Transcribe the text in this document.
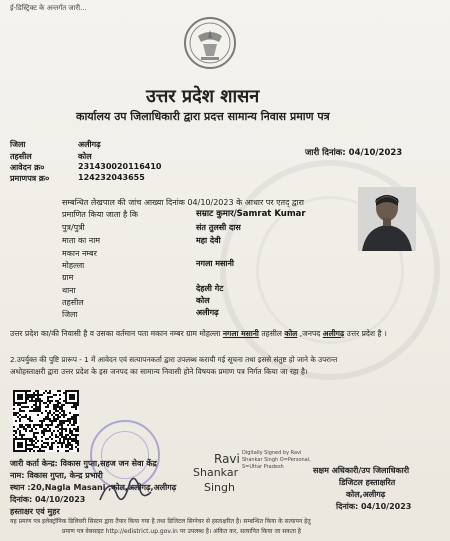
ई-डिस्ट्रिक्ट के अन्तर्गत जारी...
उत्तर प्रदेश शासन
कार्यालय उप जिलाधिकारी द्वारा प्रदत्त सामान्य निवास प्रमाण पत्र
जिला	अलीगढ़
तहसील	कोल
आवेदन क्र०	231430020116410
प्रमाणपत्र क्र०	124232043655
जारी दिनांक: 04/10/2023
सम्बन्धित लेखपाल की जांच आख्या दिनांक 04/10/2023 के आधार पर एतद् द्वारा
प्रमाणित किया जाता है कि	सम्राट कुमार/Samrat Kumar
पुत्र/पुत्री	संत तुलसी दास
माता का नाम	महा देवी
मकान नम्बर
मोहल्ला	नगला मसानी
ग्राम
थाना	देहली गेट
तहसील	कोल
जिला	अलीगढ़
उत्तर प्रदेश का/की निवासी है व उसका वर्तमान पता मकान नम्बर ग्राम मोहल्ला नगला मसानी तहसील कोल ,जनपद अलीगढ़ उत्तर प्रदेश है ।
2.उपर्युक्त की पुष्टि प्रारूप - 1 में आवेदन एवं सत्यापनकर्ता द्वारा उपलब्ध करायी गई सूचना तथा इससे संतुष्ट हो जाने के उपरान्त
अधोहस्ताक्षरी द्वारा उत्तर प्रदेश के इस जनपद का सामान्य निवासी होने विषयक प्रमाण पत्र निर्गत किया जा रहा है।
जारी कर्ता केन्द्र: विकास गुप्ता,सहज जन सेवा केंद्र
नाम: विकास गुप्ता, केन्द्र प्रभारी
स्थान :20,Nagla Masani ,कोल,अलीगढ़,अलीगढ़
दिनांक: 04/10/2023
हस्ताक्षर एवं मुहर
Ravi
Shankar
Singh
Digitally Signed by Ravi
Shankar Singh O=Personal,
S=Uttar Pradesh	सक्षम अधिकारी/उप जिलाधिकारी
डिजिटल हस्ताक्षरित
कोल,अलीगढ़
दिनांक: 04/10/2023
यह प्रमाण पत्र इलेक्ट्रॉनिक डिलिवरी सिस्टम द्वारा तैयार किया गया है तथा डिजिटल सिग्नेचर से हस्ताक्षरित है। सम्बन्धित किया के सत्यापन हेतु
प्रमाण पत्र वेबसाइट http://edistrict.up.gov.in पर उपलब्ध है। अंकित कर, सत्यापित किया जा सकता है
